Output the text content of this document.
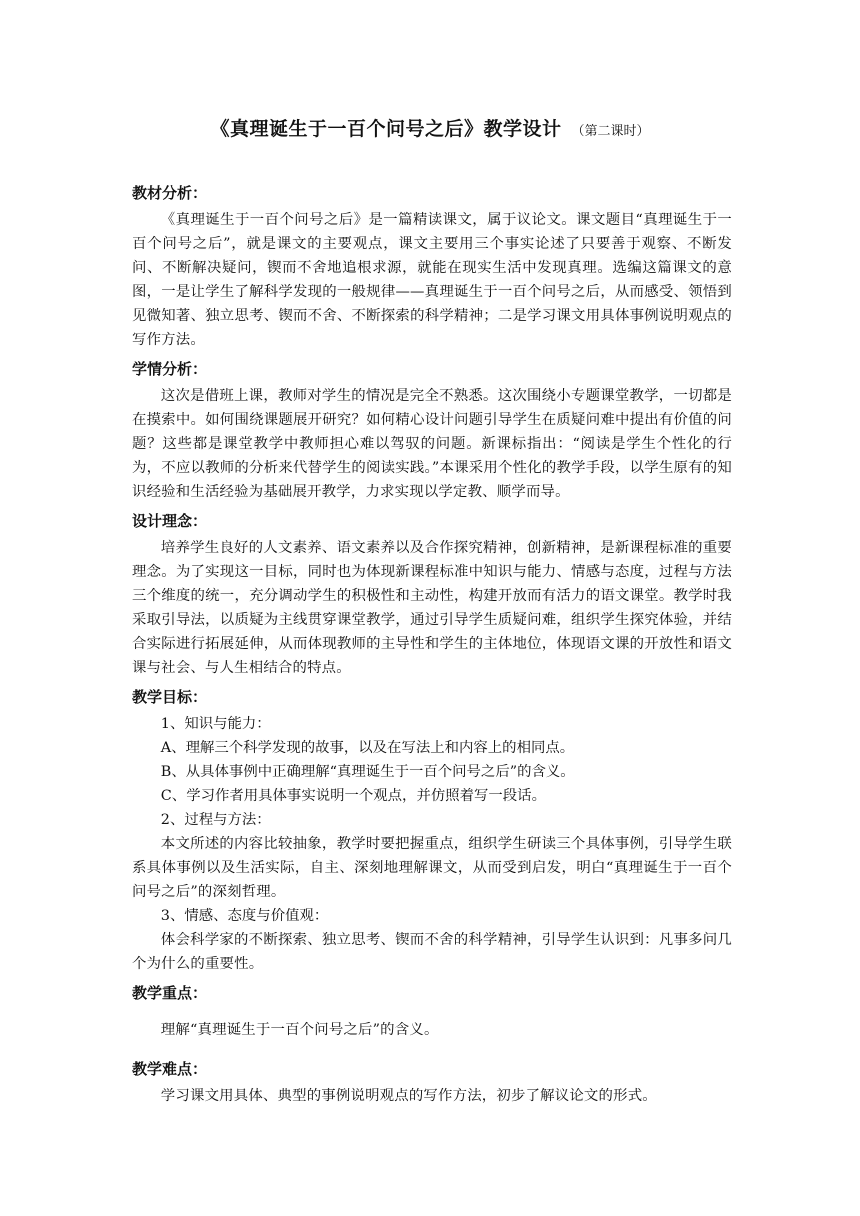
《真理诞生于一百个问号之后》教学设计 （第二课时）
教材分析：

《真理诞生于一百个问号之后》是一篇精读课文，属于议论文。课文题目“真理诞生于一百个问号之后”，就是课文的主要观点，课文主要用三个事实论述了只要善于观察、不断发问、不断解决疑问，锲而不舍地追根求源，就能在现实生活中发现真理。选编这篇课文的意图，一是让学生了解科学发现的一般规律——真理诞生于一百个问号之后，从而感受、领悟到见微知著、独立思考、锲而不舍、不断探索的科学精神；二是学习课文用具体事例说明观点的写作方法。

学情分析：

这次是借班上课，教师对学生的情况是完全不熟悉。这次围绕小专题课堂教学，一切都是在摸索中。如何围绕课题展开研究？如何精心设计问题引导学生在质疑问难中提出有价值的问题？这些都是课堂教学中教师担心难以驾驭的问题。新课标指出：“阅读是学生个性化的行为，不应以教师的分析来代替学生的阅读实践。”本课采用个性化的教学手段，以学生原有的知识经验和生活经验为基础展开教学，力求实现以学定教、顺学而导。

设计理念：

培养学生良好的人文素养、语文素养以及合作探究精神，创新精神，是新课程标准的重要理念。为了实现这一目标，同时也为体现新课程标准中知识与能力、情感与态度，过程与方法三个维度的统一，充分调动学生的积极性和主动性，构建开放而有活力的语文课堂。教学时我采取引导法，以质疑为主线贯穿课堂教学，通过引导学生质疑问难，组织学生探究体验，并结合实际进行拓展延伸，从而体现教师的主导性和学生的主体地位，体现语文课的开放性和语文课与社会、与人生相结合的特点。

教学目标：

1、知识与能力：

A、理解三个科学发现的故事，以及在写法上和内容上的相同点。

B、从具体事例中正确理解“真理诞生于一百个问号之后”的含义。

C、学习作者用具体事实说明一个观点，并仿照着写一段话。

2、过程与方法：

本文所述的内容比较抽象，教学时要把握重点，组织学生研读三个具体事例，引导学生联系具体事例以及生活实际，自主、深刻地理解课文，从而受到启发，明白“真理诞生于一百个问号之后”的深刻哲理。

3、情感、态度与价值观：

体会科学家的不断探索、独立思考、锲而不舍的科学精神，引导学生认识到：凡事多问几个为什么的重要性。

教学重点：

理解“真理诞生于一百个问号之后”的含义。

教学难点：

学习课文用具体、典型的事例说明观点的写作方法，初步了解议论文的形式。
